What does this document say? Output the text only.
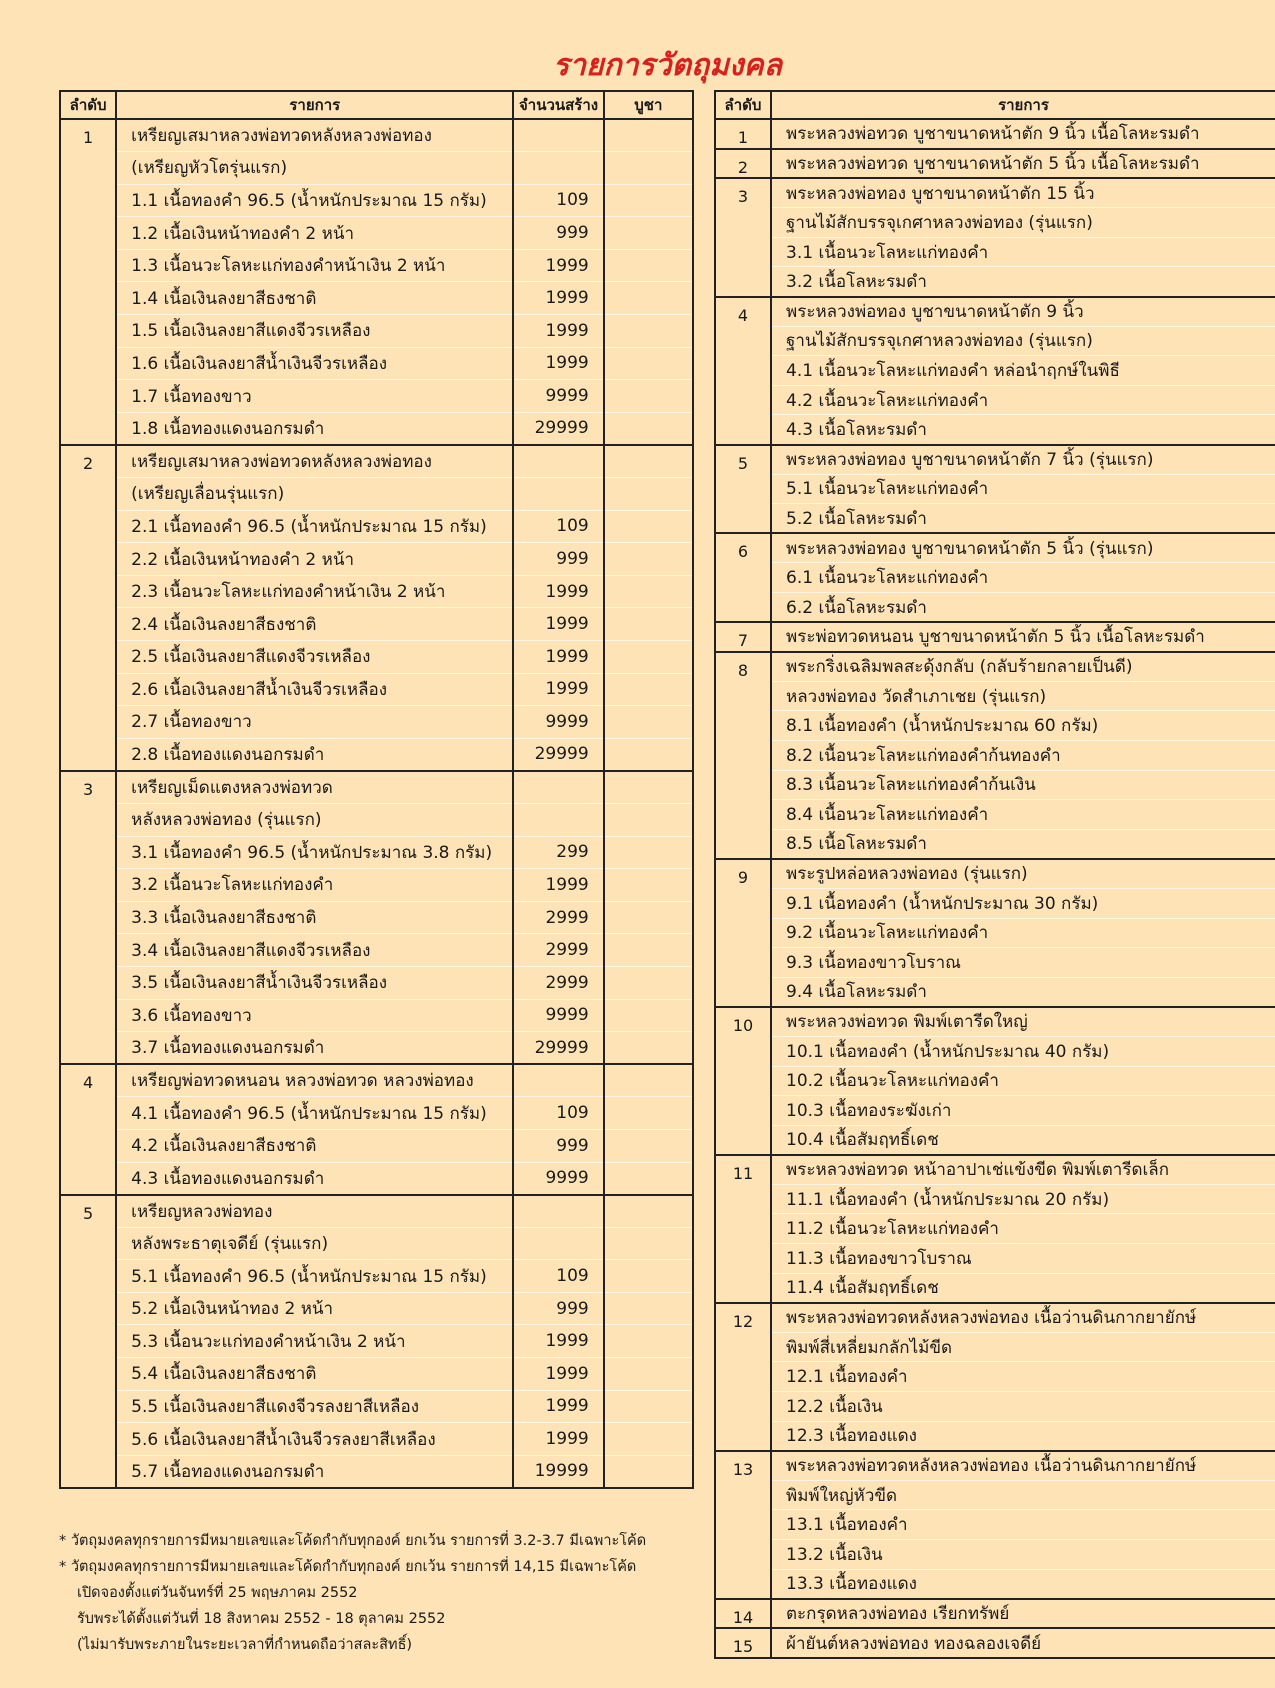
รายการวัตถุมงคล
ลำดับ	รายการ	จำนวนสร้าง	บูชา
1	เหรียญเสมาหลวงพ่อทวดหลังหลวงพ่อทอง		
	(เหรียญหัวโตรุ่นแรก)		
	1.1 เนื้อทองคำ 96.5 (น้ำหนักประมาณ 15 กรัม)	109	
	1.2 เนื้อเงินหน้าทองคำ 2 หน้า	999	
	1.3 เนื้อนวะโลหะแก่ทองคำหน้าเงิน 2 หน้า	1999	
	1.4 เนื้อเงินลงยาสีธงชาติ	1999	
	1.5 เนื้อเงินลงยาสีแดงจีวรเหลือง	1999	
	1.6 เนื้อเงินลงยาสีน้ำเงินจีวรเหลือง	1999	
	1.7 เนื้อทองขาว	9999	
	1.8 เนื้อทองแดงนอกรมดำ	29999	
2	เหรียญเสมาหลวงพ่อทวดหลังหลวงพ่อทอง		
	(เหรียญเลื่อนรุ่นแรก)		
	2.1 เนื้อทองคำ 96.5 (น้ำหนักประมาณ 15 กรัม)	109	
	2.2 เนื้อเงินหน้าทองคำ 2 หน้า	999	
	2.3 เนื้อนวะโลหะแก่ทองคำหน้าเงิน 2 หน้า	1999	
	2.4 เนื้อเงินลงยาสีธงชาติ	1999	
	2.5 เนื้อเงินลงยาสีแดงจีวรเหลือง	1999	
	2.6 เนื้อเงินลงยาสีน้ำเงินจีวรเหลือง	1999	
	2.7 เนื้อทองขาว	9999	
	2.8 เนื้อทองแดงนอกรมดำ	29999	
3	เหรียญเม็ดแตงหลวงพ่อทวด		
	หลังหลวงพ่อทอง (รุ่นแรก)		
	3.1 เนื้อทองคำ 96.5 (น้ำหนักประมาณ 3.8 กรัม)	299	
	3.2 เนื้อนวะโลหะแก่ทองคำ	1999	
	3.3 เนื้อเงินลงยาสีธงชาติ	2999	
	3.4 เนื้อเงินลงยาสีแดงจีวรเหลือง	2999	
	3.5 เนื้อเงินลงยาสีน้ำเงินจีวรเหลือง	2999	
	3.6 เนื้อทองขาว	9999	
	3.7 เนื้อทองแดงนอกรมดำ	29999	
4	เหรียญพ่อทวดหนอน หลวงพ่อทวด หลวงพ่อทอง		
	4.1 เนื้อทองคำ 96.5 (น้ำหนักประมาณ 15 กรัม)	109	
	4.2 เนื้อเงินลงยาสีธงชาติ	999	
	4.3 เนื้อทองแดงนอกรมดำ	9999	
5	เหรียญหลวงพ่อทอง		
	หลังพระธาตุเจดีย์ (รุ่นแรก)		
	5.1 เนื้อทองคำ 96.5 (น้ำหนักประมาณ 15 กรัม)	109	
	5.2 เนื้อเงินหน้าทอง 2 หน้า	999	
	5.3 เนื้อนวะแก่ทองคำหน้าเงิน 2 หน้า	1999	
	5.4 เนื้อเงินลงยาสีธงชาติ	1999	
	5.5 เนื้อเงินลงยาสีแดงจีวรลงยาสีเหลือง	1999	
	5.6 เนื้อเงินลงยาสีน้ำเงินจีวรลงยาสีเหลือง	1999	
	5.7 เนื้อทองแดงนอกรมดำ	19999	
ลำดับ	รายการ
1	พระหลวงพ่อทวด บูชาขนาดหน้าตัก 9 นิ้ว เนื้อโลหะรมดำ
2	พระหลวงพ่อทวด บูชาขนาดหน้าตัก 5 นิ้ว เนื้อโลหะรมดำ
3	พระหลวงพ่อทอง บูชาขนาดหน้าตัก 15 นิ้ว
	ฐานไม้สักบรรจุเกศาหลวงพ่อทอง (รุ่นแรก)
	3.1 เนื้อนวะโลหะแก่ทองคำ
	3.2 เนื้อโลหะรมดำ
4	พระหลวงพ่อทอง บูชาขนาดหน้าตัก 9 นิ้ว
	ฐานไม้สักบรรจุเกศาหลวงพ่อทอง (รุ่นแรก)
	4.1 เนื้อนวะโลหะแก่ทองคำ หล่อนำฤกษ์ในพิธี
	4.2 เนื้อนวะโลหะแก่ทองคำ
	4.3 เนื้อโลหะรมดำ
5	พระหลวงพ่อทอง บูชาขนาดหน้าตัก 7 นิ้ว (รุ่นแรก)
	5.1 เนื้อนวะโลหะแก่ทองคำ
	5.2 เนื้อโลหะรมดำ
6	พระหลวงพ่อทอง บูชาขนาดหน้าตัก 5 นิ้ว (รุ่นแรก)
	6.1 เนื้อนวะโลหะแก่ทองคำ
	6.2 เนื้อโลหะรมดำ
7	พระพ่อทวดหนอน บูชาขนาดหน้าตัก 5 นิ้ว เนื้อโลหะรมดำ
8	พระกริ่งเฉลิมพลสะดุ้งกลับ (กลับร้ายกลายเป็นดี)
	หลวงพ่อทอง วัดสำเภาเชย (รุ่นแรก)
	8.1 เนื้อทองคำ (น้ำหนักประมาณ 60 กรัม)
	8.2 เนื้อนวะโลหะแก่ทองคำก้นทองคำ
	8.3 เนื้อนวะโลหะแก่ทองคำก้นเงิน
	8.4 เนื้อนวะโลหะแก่ทองคำ
	8.5 เนื้อโลหะรมดำ
9	พระรูปหล่อหลวงพ่อทอง (รุ่นแรก)
	9.1 เนื้อทองคำ (น้ำหนักประมาณ 30 กรัม)
	9.2 เนื้อนวะโลหะแก่ทองคำ
	9.3 เนื้อทองขาวโบราณ
	9.4 เนื้อโลหะรมดำ
10	พระหลวงพ่อทวด พิมพ์เตารีดใหญ่
	10.1 เนื้อทองคำ (น้ำหนักประมาณ 40 กรัม)
	10.2 เนื้อนวะโลหะแก่ทองคำ
	10.3 เนื้อทองระฆังเก่า
	10.4 เนื้อสัมฤทธิ์เดช
11	พระหลวงพ่อทวด หน้าอาปาเช่แข้งขีด พิมพ์เตารีดเล็ก
	11.1 เนื้อทองคำ (น้ำหนักประมาณ 20 กรัม)
	11.2 เนื้อนวะโลหะแก่ทองคำ
	11.3 เนื้อทองขาวโบราณ
	11.4 เนื้อสัมฤทธิ์เดช
12	พระหลวงพ่อทวดหลังหลวงพ่อทอง เนื้อว่านดินกากยายักษ์
	พิมพ์สี่เหลี่ยมกลักไม้ขีด
	12.1 เนื้อทองคำ
	12.2 เนื้อเงิน
	12.3 เนื้อทองแดง
13	พระหลวงพ่อทวดหลังหลวงพ่อทอง เนื้อว่านดินกากยายักษ์
	พิมพ์ใหญ่หัวขีด
	13.1 เนื้อทองคำ
	13.2 เนื้อเงิน
	13.3 เนื้อทองแดง
14	ตะกรุดหลวงพ่อทอง เรียกทรัพย์
15	ผ้ายันต์หลวงพ่อทอง ทองฉลองเจดีย์
* วัตถุมงคลทุกรายการมีหมายเลขและโค้ดกำกับทุกองค์ ยกเว้น รายการที่ 3.2-3.7 มีเฉพาะโค้ด
* วัตถุมงคลทุกรายการมีหมายเลขและโค้ดกำกับทุกองค์ ยกเว้น รายการที่ 14,15 มีเฉพาะโค้ด
เปิดจองตั้งแต่วันจันทร์ที่ 25 พฤษภาคม 2552
รับพระได้ตั้งแต่วันที่ 18 สิงหาคม 2552 - 18 ตุลาคม 2552
(ไม่มารับพระภายในระยะเวลาที่กำหนดถือว่าสละสิทธิ์)
